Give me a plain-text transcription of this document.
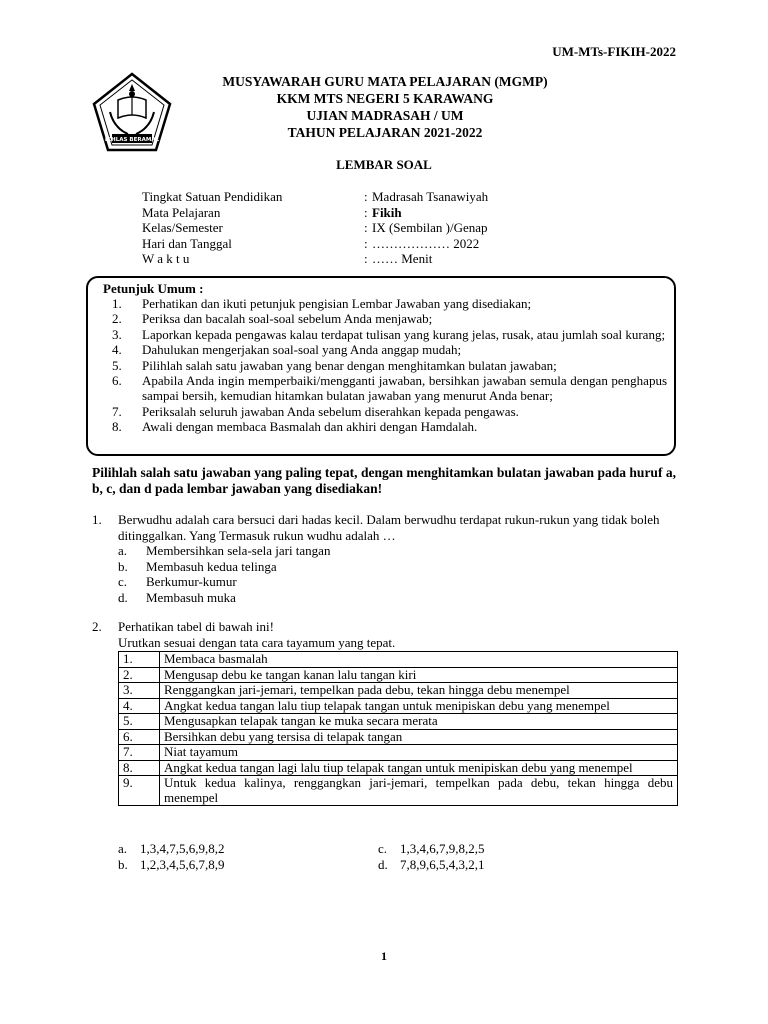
UM-MTs-FIKIH-2022
IKHLAS BERAMAL
MUSYAWARAH GURU MATA PELAJARAN (MGMP)
KKM MTS NEGERI 5 KARAWANG
UJIAN MADRASAH / UM
TAHUN PELAJARAN 2021-2022
LEMBAR SOAL
Tingkat Satuan Pendidikan	: Madrasah Tsanawiyah
Mata Pelajaran	: Fikih
Kelas/Semester	: IX (Sembilan )/Genap
Hari dan Tanggal	: ……………… 2022
W a k t u	: …… Menit
Petunjuk Umum :
1.	Perhatikan dan ikuti petunjuk pengisian Lembar Jawaban yang disediakan;
2.	Periksa dan bacalah soal-soal sebelum Anda menjawab;
3.	Laporkan kepada pengawas kalau terdapat tulisan yang kurang jelas, rusak, atau jumlah soal kurang;
4.	Dahulukan mengerjakan soal-soal yang Anda anggap mudah;
5.	Pilihlah salah satu jawaban yang benar dengan menghitamkan bulatan jawaban;
6.	Apabila Anda ingin memperbaiki/mengganti jawaban, bersihkan jawaban semula dengan penghapus sampai bersih, kemudian hitamkan bulatan jawaban yang menurut Anda benar;
7.	Periksalah seluruh jawaban Anda sebelum diserahkan kepada pengawas.
8.	Awali dengan membaca Basmalah dan akhiri dengan Hamdalah.
Pilihlah salah satu jawaban yang paling tepat, dengan menghitamkan bulatan jawaban pada huruf a, b, c, dan d pada lembar jawaban yang disediakan!
1.	Berwudhu adalah cara bersuci dari hadas kecil. Dalam berwudhu terdapat rukun-rukun yang tidak boleh ditinggalkan. Yang Termasuk rukun wudhu adalah …
a.	Membersihkan sela-sela jari tangan
b.	Membasuh kedua telinga
c.	Berkumur-kumur
d.	Membasuh muka
2.	Perhatikan tabel di bawah ini!
Urutkan sesuai dengan tata cara tayamum yang tepat.
1.	Membaca basmalah
2.	Mengusap debu ke tangan kanan lalu tangan kiri
3.	Renggangkan jari-jemari, tempelkan pada debu, tekan hingga debu menempel
4.	Angkat kedua tangan lalu tiup telapak tangan untuk menipiskan debu yang menempel
5.	Mengusapkan telapak tangan ke muka secara merata
6.	Bersihkan debu yang tersisa di telapak tangan
7.	Niat tayamum
8.	Angkat kedua tangan lagi lalu tiup telapak tangan untuk menipiskan debu yang menempel
9.	Untuk kedua kalinya, renggangkan jari-jemari, tempelkan pada debu, tekan hingga debu menempel
a. 1,3,4,7,5,6,9,8,2	c. 1,3,4,6,7,9,8,2,5
b. 1,2,3,4,5,6,7,8,9	d. 7,8,9,6,5,4,3,2,1
1
